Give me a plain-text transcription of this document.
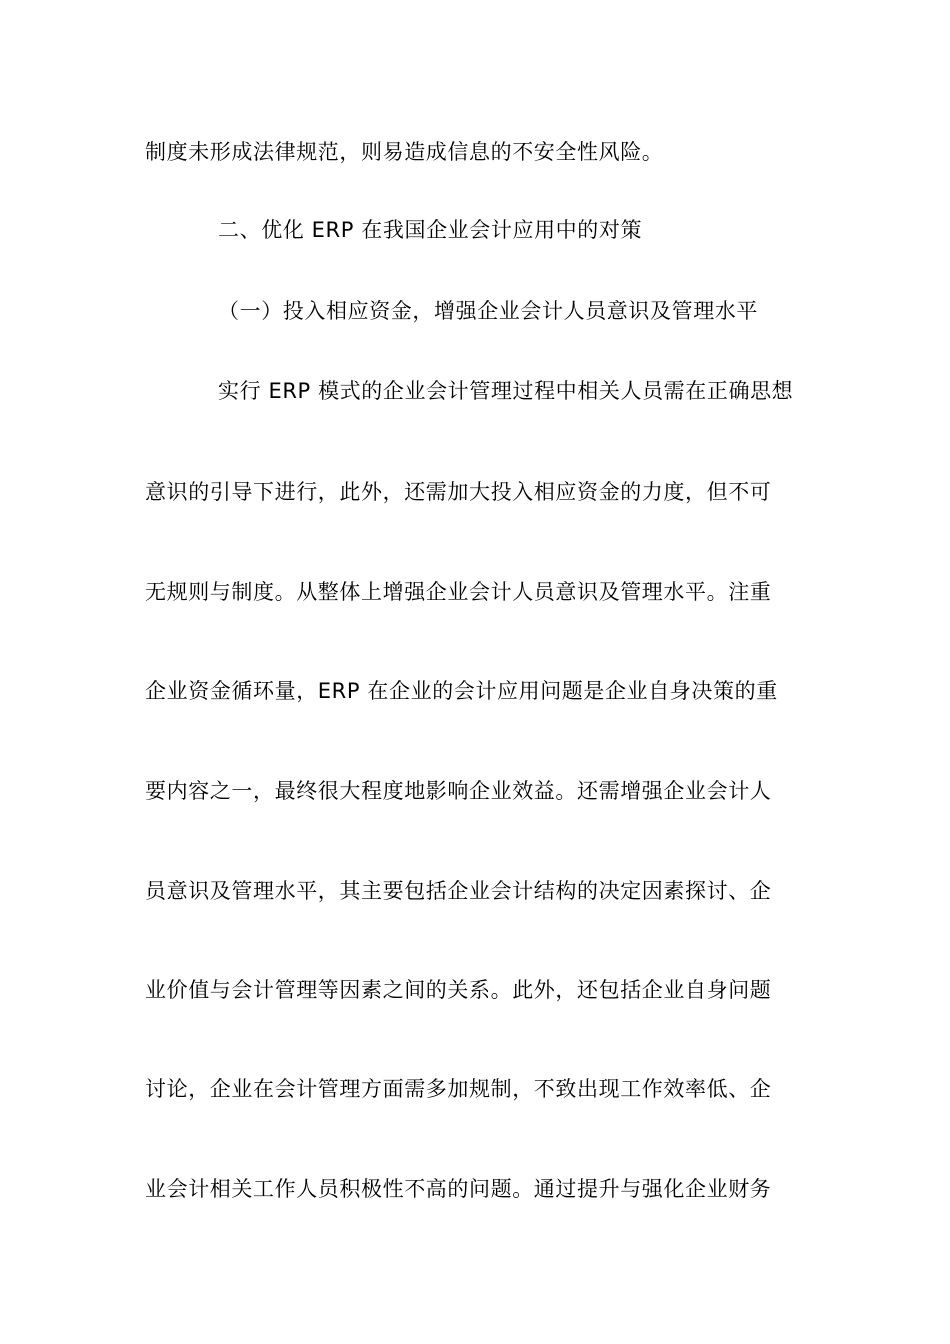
制度未形成法律规范，则易造成信息的不安全性风险。
二、优化 ERP 在我国企业会计应用中的对策
（一）投入相应资金，增强企业会计人员意识及管理水平
实行 ERP 模式的企业会计管理过程中相关人员需在正确思想
意识的引导下进行，此外，还需加大投入相应资金的力度，但不可
无规则与制度。从整体上增强企业会计人员意识及管理水平。注重
企业资金循环量，ERP 在企业的会计应用问题是企业自身决策的重
要内容之一，最终很大程度地影响企业效益。还需增强企业会计人
员意识及管理水平，其主要包括企业会计结构的决定因素探讨、企
业价值与会计管理等因素之间的关系。此外，还包括企业自身问题
讨论，企业在会计管理方面需多加规制，不致出现工作效率低、企
业会计相关工作人员积极性不高的问题。通过提升与强化企业财务
